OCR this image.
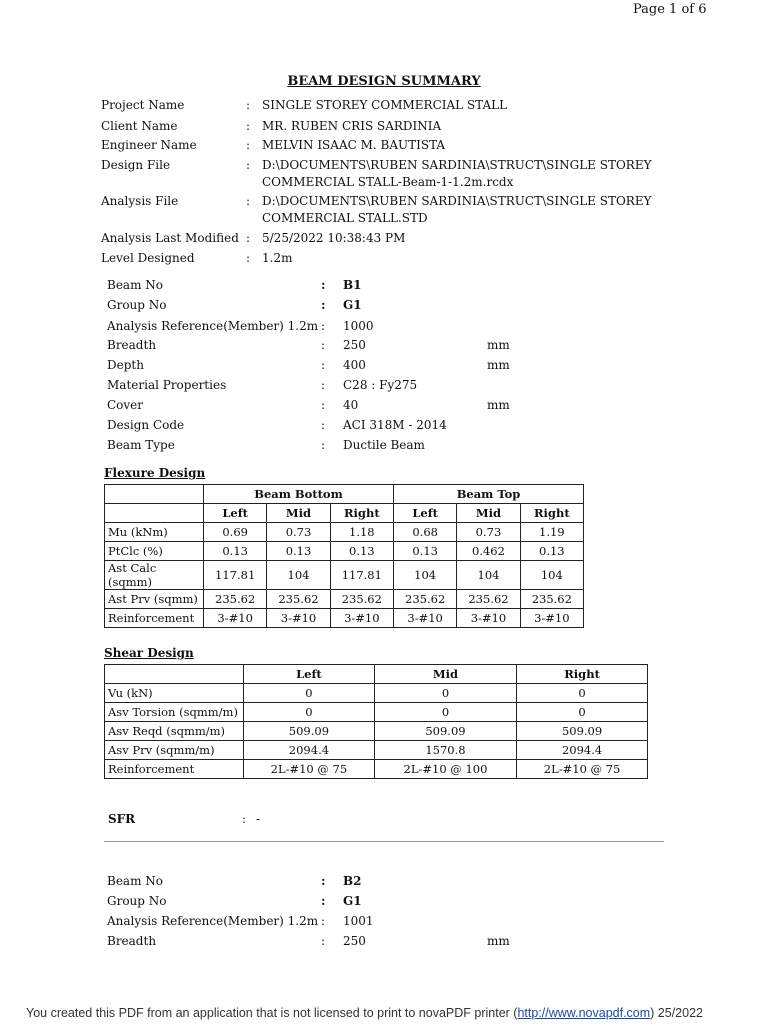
Page 1 of 6
BEAM DESIGN SUMMARY
Project Name	: SINGLE STOREY COMMERCIAL STALL
Client Name	: MR. RUBEN CRIS SARDINIA
Engineer Name	: MELVIN ISAAC M. BAUTISTA
Design File	: D:\DOCUMENTS\RUBEN SARDINIA\STRUCT\SINGLE STOREY
COMMERCIAL STALL-Beam-1-1.2m.rcdx
Analysis File	: D:\DOCUMENTS\RUBEN SARDINIA\STRUCT\SINGLE STOREY
COMMERCIAL STALL.STD
Analysis Last Modified : 5/25/2022 10:38:43 PM
Level Designed	: 1.2m
Beam No	: B1
Group No	: G1
Analysis Reference(Member) 1.2m : 1000
Breadth	: 250	mm
Depth	: 400	mm
Material Properties	: C28 : Fy275
Cover	: 40	mm
Design Code	: ACI 318M - 2014
Beam Type	: Ductile Beam
Flexure Design
	Beam Bottom			Beam Top		
	Left	Mid	Right	Left	Mid	Right
Mu (kNm)	0.69	0.73	1.18	0.68	0.73	1.19
PtClc (%)	0.13	0.13	0.13	0.13	0.462	0.13
Ast Calc (sqmm)	117.81	104	117.81	104	104	104
Ast Prv (sqmm)	235.62	235.62	235.62	235.62	235.62	235.62
Reinforcement	3-#10	3-#10	3-#10	3-#10	3-#10	3-#10
Shear Design
	Left	Mid	Right
Vu (kN)	0	0	0
Asv Torsion (sqmm/m)	0	0	0
Asv Reqd (sqmm/m)	509.09	509.09	509.09
Asv Prv (sqmm/m)	2094.4	1570.8	2094.4
Reinforcement	2L-#10 @ 75	2L-#10 @ 100	2L-#10 @ 75
SFR	: -
Beam No	: B2
Group No	: G1
Analysis Reference(Member) 1.2m : 1001
Breadth	: 250	mm
You created this PDF from an application that is not licensed to print to novaPDF printer (http://www.novapdf.com) 25/2022
